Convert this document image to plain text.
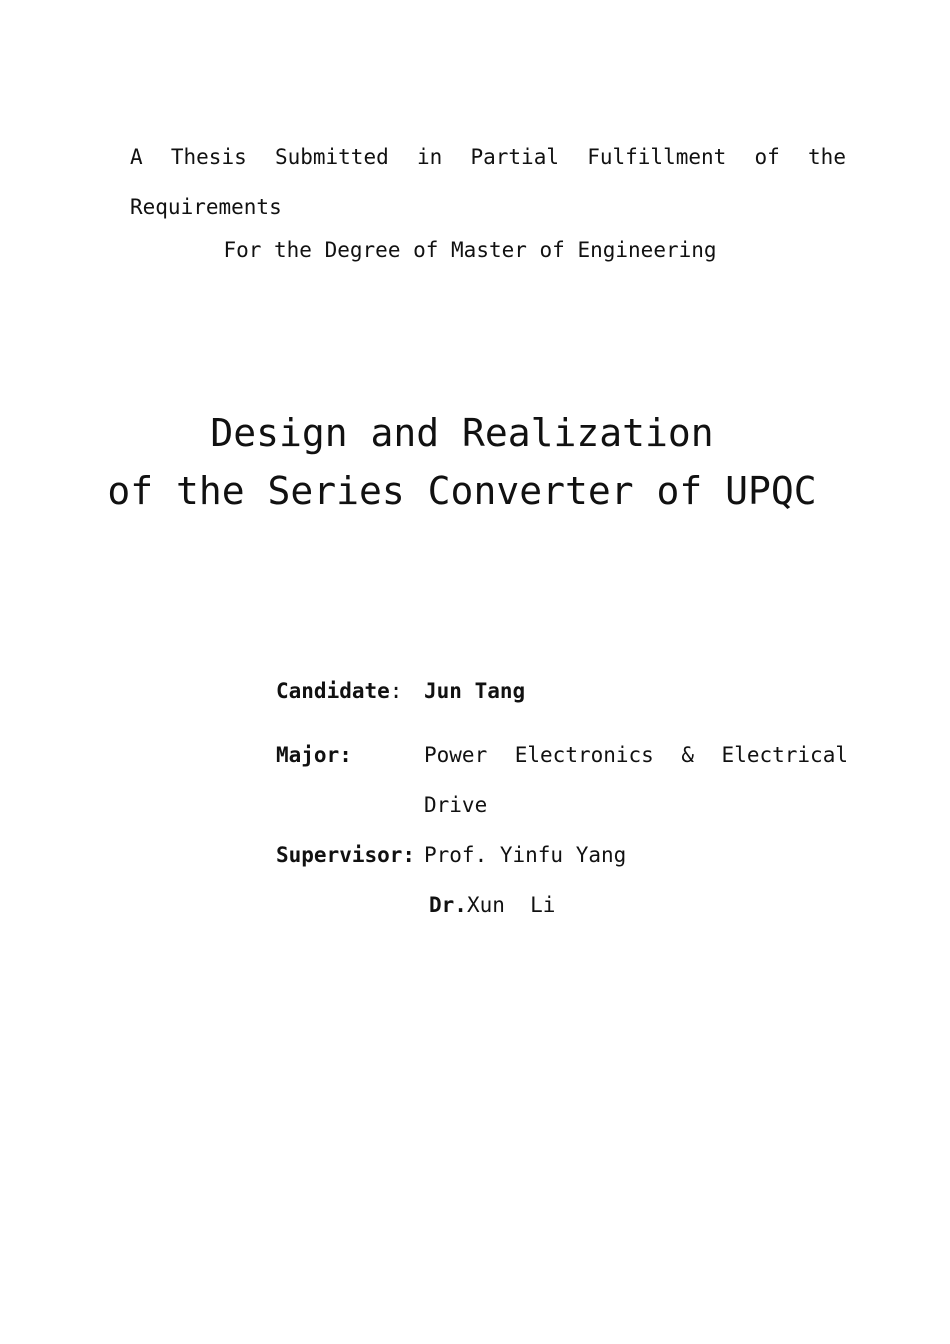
A Thesis Submitted in Partial Fulfillment of the
Requirements
For the Degree of Master of Engineering
Design and Realization
of the Series Converter of UPQC
Candidate:	Jun Tang
Major:	Power Electronics & Electrical
Drive
Supervisor: Prof. Yinfu Yang
Dr.Xun  Li
